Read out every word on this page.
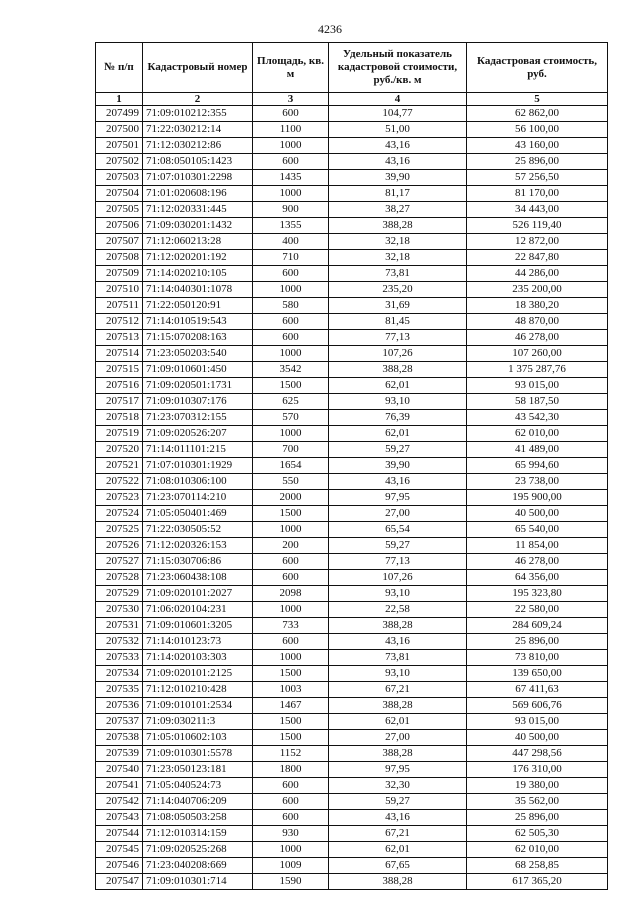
4236
№ п/п	Кадастровый номер	Площадь, кв. м	Удельный показатель кадастровой стоимости, руб./кв. м	Кадастровая стоимость, руб.
1	2	3	4	5
207499	71:09:010212:355	600	104,77	62 862,00
207500	71:22:030212:14	1100	51,00	56 100,00
207501	71:12:030212:86	1000	43,16	43 160,00
207502	71:08:050105:1423	600	43,16	25 896,00
207503	71:07:010301:2298	1435	39,90	57 256,50
207504	71:01:020608:196	1000	81,17	81 170,00
207505	71:12:020331:445	900	38,27	34 443,00
207506	71:09:030201:1432	1355	388,28	526 119,40
207507	71:12:060213:28	400	32,18	12 872,00
207508	71:12:020201:192	710	32,18	22 847,80
207509	71:14:020210:105	600	73,81	44 286,00
207510	71:14:040301:1078	1000	235,20	235 200,00
207511	71:22:050120:91	580	31,69	18 380,20
207512	71:14:010519:543	600	81,45	48 870,00
207513	71:15:070208:163	600	77,13	46 278,00
207514	71:23:050203:540	1000	107,26	107 260,00
207515	71:09:010601:450	3542	388,28	1 375 287,76
207516	71:09:020501:1731	1500	62,01	93 015,00
207517	71:09:010307:176	625	93,10	58 187,50
207518	71:23:070312:155	570	76,39	43 542,30
207519	71:09:020526:207	1000	62,01	62 010,00
207520	71:14:011101:215	700	59,27	41 489,00
207521	71:07:010301:1929	1654	39,90	65 994,60
207522	71:08:010306:100	550	43,16	23 738,00
207523	71:23:070114:210	2000	97,95	195 900,00
207524	71:05:050401:469	1500	27,00	40 500,00
207525	71:22:030505:52	1000	65,54	65 540,00
207526	71:12:020326:153	200	59,27	11 854,00
207527	71:15:030706:86	600	77,13	46 278,00
207528	71:23:060438:108	600	107,26	64 356,00
207529	71:09:020101:2027	2098	93,10	195 323,80
207530	71:06:020104:231	1000	22,58	22 580,00
207531	71:09:010601:3205	733	388,28	284 609,24
207532	71:14:010123:73	600	43,16	25 896,00
207533	71:14:020103:303	1000	73,81	73 810,00
207534	71:09:020101:2125	1500	93,10	139 650,00
207535	71:12:010210:428	1003	67,21	67 411,63
207536	71:09:010101:2534	1467	388,28	569 606,76
207537	71:09:030211:3	1500	62,01	93 015,00
207538	71:05:010602:103	1500	27,00	40 500,00
207539	71:09:010301:5578	1152	388,28	447 298,56
207540	71:23:050123:181	1800	97,95	176 310,00
207541	71:05:040524:73	600	32,30	19 380,00
207542	71:14:040706:209	600	59,27	35 562,00
207543	71:08:050503:258	600	43,16	25 896,00
207544	71:12:010314:159	930	67,21	62 505,30
207545	71:09:020525:268	1000	62,01	62 010,00
207546	71:23:040208:669	1009	67,65	68 258,85
207547	71:09:010301:714	1590	388,28	617 365,20
